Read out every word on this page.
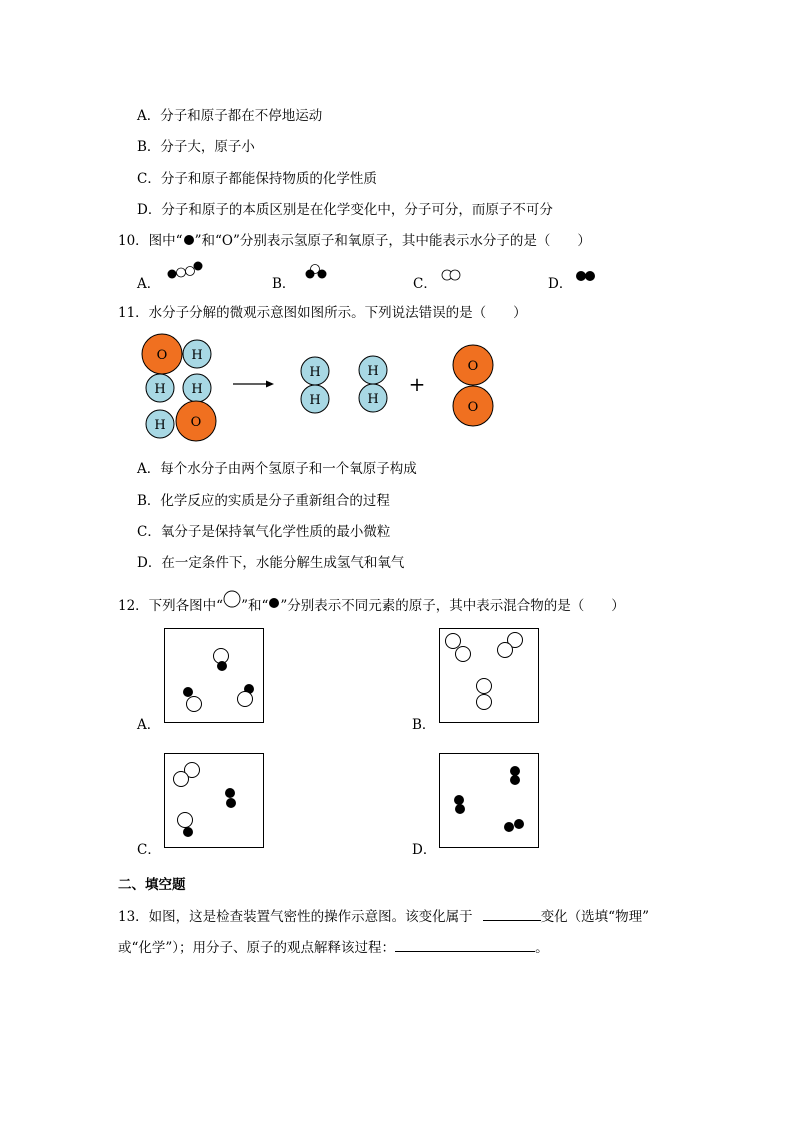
A．分子和原子都在不停地运动
B．分子大，原子小
C．分子和原子都能保持物质的化学性质
D．分子和原子的本质区别是在化学变化中，分子可分，而原子不可分
10．图中“ ”和“O”分别表示氢原子和氧原子，其中能表示水分子的是（　　）
A．	B．	C．	D．
11．水分子分解的微观示意图如图所示。下列说法错误的是（　　）
O H
H H
H O
H
H
H
H
+
O
O
A．每个水分子由两个氢原子和一个氧原子构成
B．化学反应的实质是分子重新组合的过程
C．氧分子是保持氧气化学性质的最小微粒
D．在一定条件下，水能分解生成氢气和氧气
12．下列各图中“ ”和“ ”分别表示不同元素的原子，其中表示混合物的是（　　）
A．	B．
C．	D．
二、填空题
13．如图，这是检查装置气密性的操作示意图。该变化属于	变化（选填“物理”
或“化学”）；用分子、原子的观点解释该过程：	。
